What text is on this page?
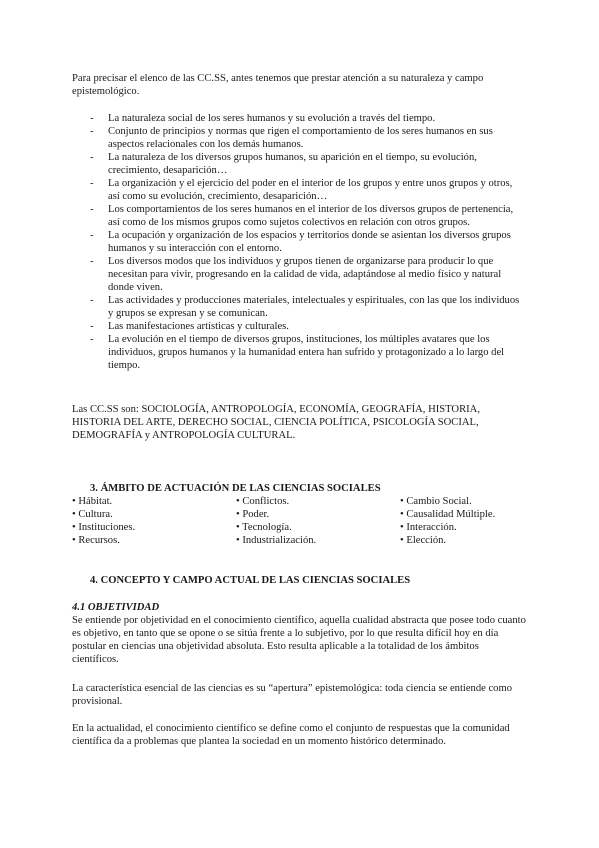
Para precisar el elenco de las CC.SS, antes tenemos que prestar atención a su naturaleza y campo epistemológico.

- La naturaleza social de los seres humanos y su evolución a través del tiempo.
- Conjunto de principios y normas que rigen el comportamiento de los seres humanos en sus aspectos relacionales con los demás humanos.
- La naturaleza de los diversos grupos humanos, su aparición en el tiempo, su evolución, crecimiento, desaparición…
- La organización y el ejercicio del poder en el interior de los grupos y entre unos grupos y otros, así como su evolución, crecimiento, desaparición…
- Los comportamientos de los seres humanos en el interior de los diversos grupos de pertenencia, así como de los mismos grupos como sujetos colectivos en relación con otros grupos.
- La ocupación y organización de los espacios y territorios donde se asientan los diversos grupos humanos y su interacción con el entorno.
- Los diversos modos que los individuos y grupos tienen de organizarse para producir lo que necesitan para vivir, progresando en la calidad de vida, adaptándose al medio físico y natural donde viven.
- Las actividades y producciones materiales, intelectuales y espirituales, con las que los individuos y grupos se expresan y se comunican.
- Las manifestaciones artísticas y culturales.
- La evolución en el tiempo de diversos grupos, instituciones, los múltiples avatares que los individuos, grupos humanos y la humanidad entera han sufrido y protagonizado a lo largo del tiempo.

Las CC.SS son: SOCIOLOGÍA, ANTROPOLOGÍA, ECONOMÍA, GEOGRAFÍA, HISTORIA, HISTORIA DEL ARTE, DERECHO SOCIAL, CIENCIA POLÍTICA, PSICOLOGÍA SOCIAL, DEMOGRAFÍA y ANTROPOLOGÍA CULTURAL.

3. ÁMBITO DE ACTUACIÓN DE LAS CIENCIAS SOCIALES
• Hábitat.
• Cultura.
• Instituciones.
• Recursos.
• Conflictos.
• Poder.
• Tecnología.
• Industrialización.
• Cambio Social.
• Causalidad Múltiple.
• Interacción.
• Elección.
4. CONCEPTO Y CAMPO ACTUAL DE LAS CIENCIAS SOCIALES
4.1 OBJETIVIDAD

Se entiende por objetividad en el conocimiento científico, aquella cualidad abstracta que posee todo cuanto es objetivo, en tanto que se opone o se sitúa frente a lo subjetivo, por lo que resulta difícil hoy en día postular en ciencias una objetividad absoluta. Esto resulta aplicable a la totalidad de los ámbitos científicos.

La característica esencial de las ciencias es su “apertura” epistemológica: toda ciencia se entiende como provisional.

En la actualidad, el conocimiento científico se define como el conjunto de respuestas que la comunidad científica da a problemas que plantea la sociedad en un momento histórico determinado.
